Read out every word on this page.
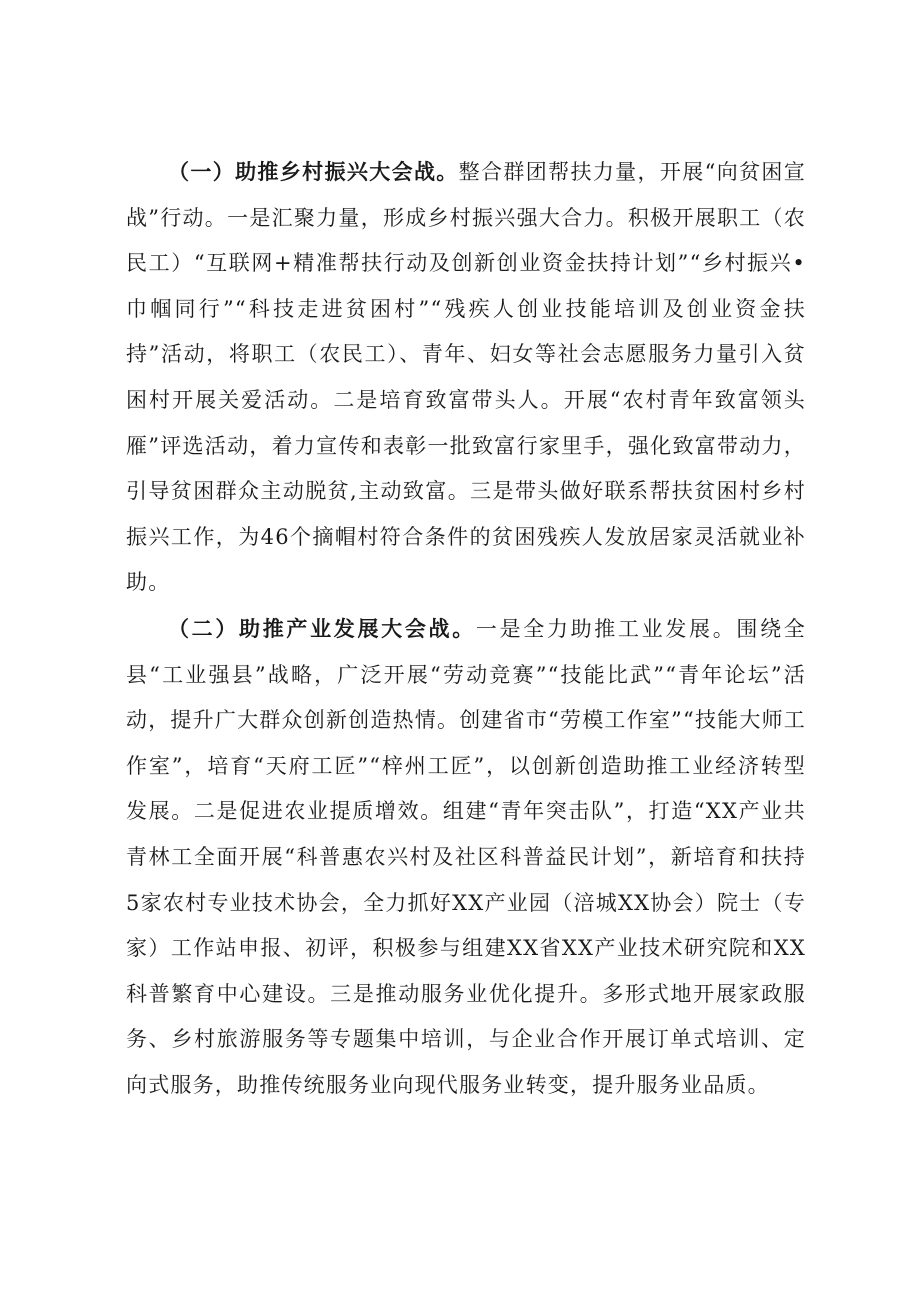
（一）助推乡村振兴大会战。整合群团帮扶力量，开展“向贫困宣战”行动。一是汇聚力量，形成乡村振兴强大合力。积极开展职工（农民工）“互联网+精准帮扶行动及创新创业资金扶持计划”“乡村振兴•巾帼同行”“科技走进贫困村”“残疾人创业技能培训及创业资金扶持”活动，将职工（农民工）、青年、妇女等社会志愿服务力量引入贫困村开展关爱活动。二是培育致富带头人。开展“农村青年致富领头雁”评选活动，着力宣传和表彰一批致富行家里手，强化致富带动力，引导贫困群众主动脱贫,主动致富。三是带头做好联系帮扶贫困村乡村振兴工作，为46个摘帽村符合条件的贫困残疾人发放居家灵活就业补助。

（二）助推产业发展大会战。一是全力助推工业发展。围绕全县“工业强县”战略，广泛开展“劳动竞赛”“技能比武”“青年论坛”活动，提升广大群众创新创造热情。创建省市“劳模工作室”“技能大师工作室”，培育“天府工匠”“梓州工匠”，以创新创造助推工业经济转型发展。二是促进农业提质增效。组建“青年突击队”，打造“XX产业共青林工全面开展“科普惠农兴村及社区科普益民计划”，新培育和扶持5家农村专业技术协会，全力抓好XX产业园（涪城XX协会）院士（专家）工作站申报、初评，积极参与组建XX省XX产业技术研究院和XX科普繁育中心建设。三是推动服务业优化提升。多形式地开展家政服务、乡村旅游服务等专题集中培训，与企业合作开展订单式培训、定向式服务，助推传统服务业向现代服务业转变，提升服务业品质。
